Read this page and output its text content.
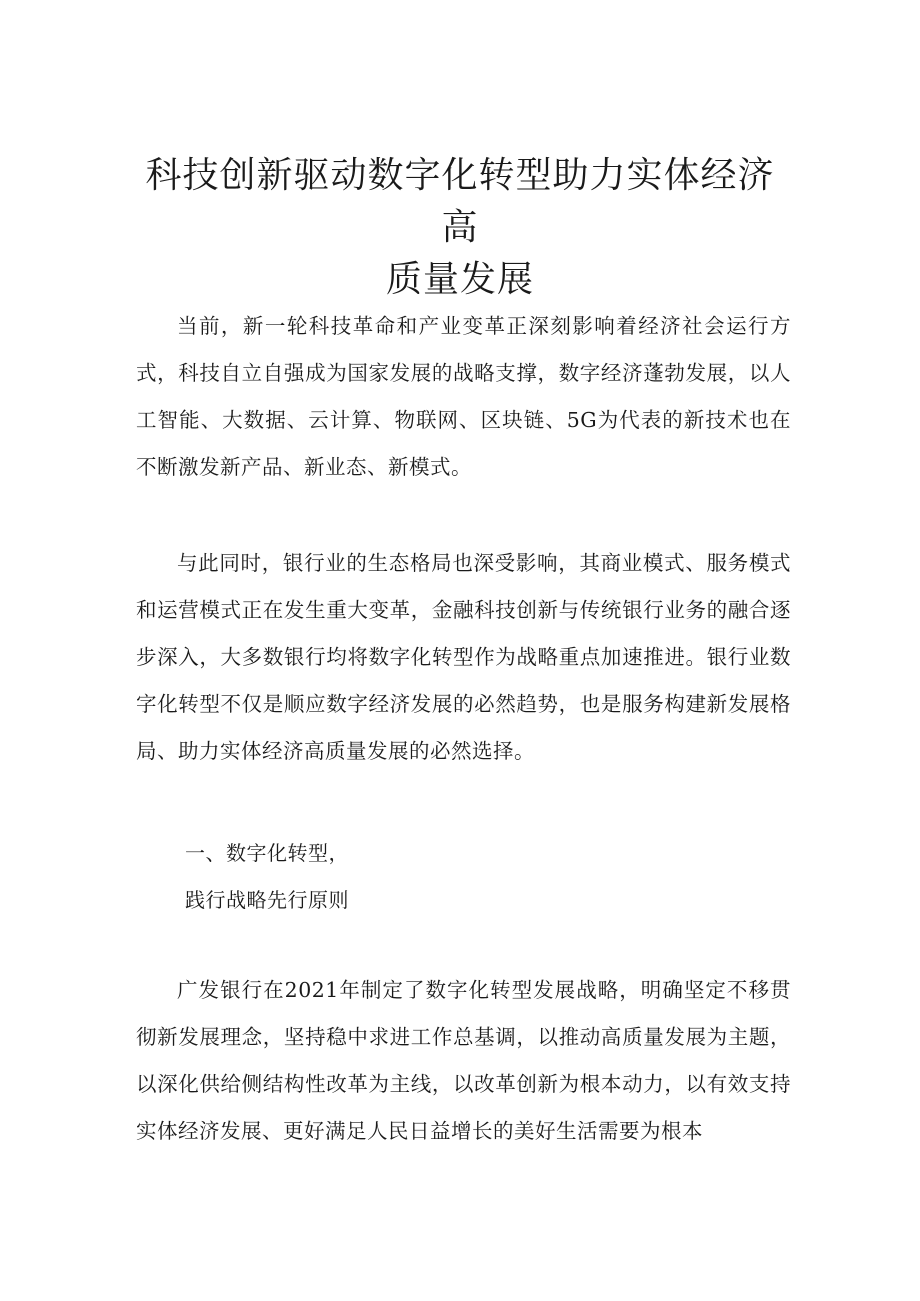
科技创新驱动数字化转型助力实体经济高
质量发展

当前，新一轮科技革命和产业变革正深刻影响着经济社会运行方式，科技自立自强成为国家发展的战略支撑，数字经济蓬勃发展，以人工智能、大数据、云计算、物联网、区块链、5G为代表的新技术也在不断激发新产品、新业态、新模式。

与此同时，银行业的生态格局也深受影响，其商业模式、服务模式和运营模式正在发生重大变革，金融科技创新与传统银行业务的融合逐步深入，大多数银行均将数字化转型作为战略重点加速推进。银行业数字化转型不仅是顺应数字经济发展的必然趋势，也是服务构建新发展格局、助力实体经济高质量发展的必然选择。

一、数字化转型，

践行战略先行原则

广发银行在2021年制定了数字化转型发展战略，明确坚定不移贯彻新发展理念，坚持稳中求进工作总基调，以推动高质量发展为主题，以深化供给侧结构性改革为主线，以改革创新为根本动力，以有效支持实体经济发展、更好满足人民日益增长的美好生活需要为根本
